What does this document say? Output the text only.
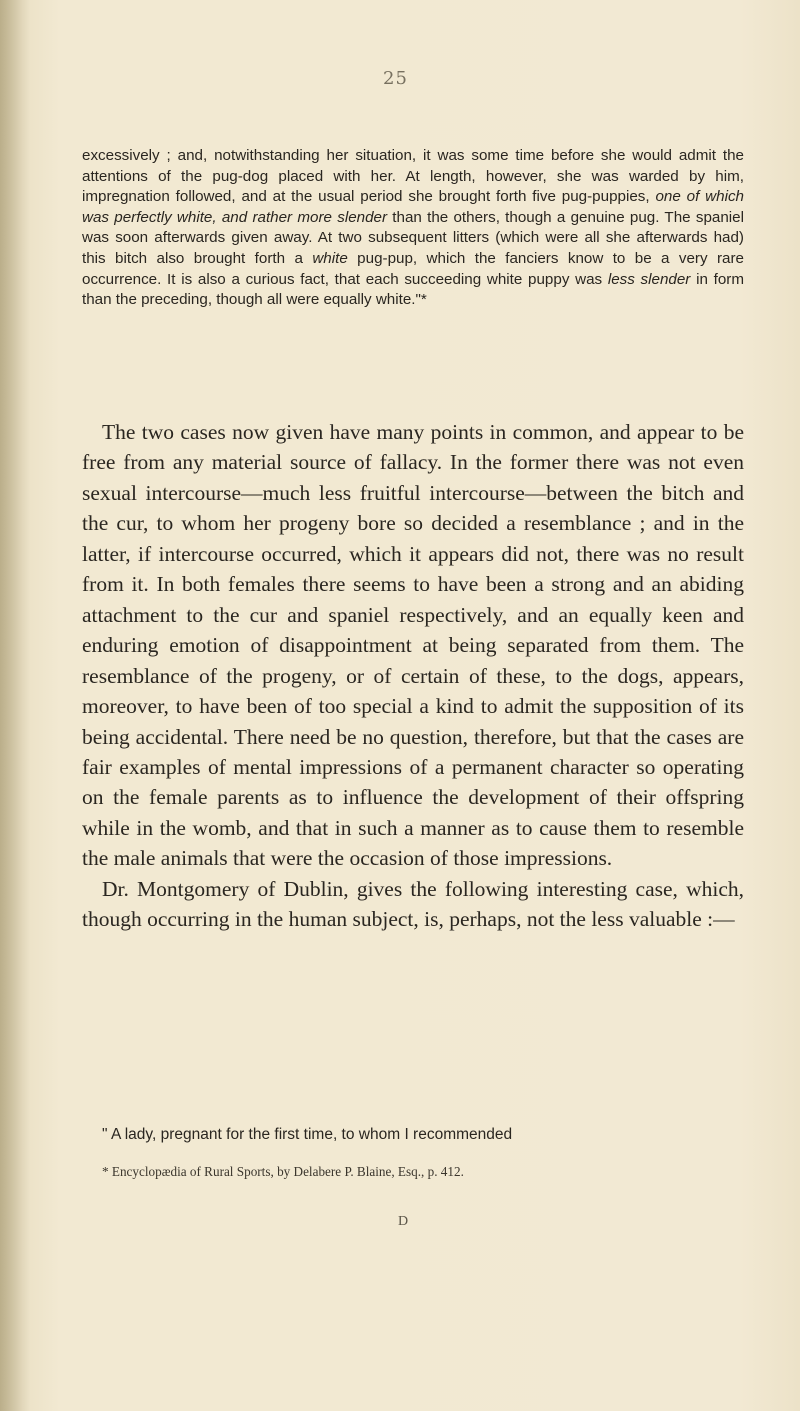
25

excessively ; and, notwithstanding her situation, it was some time before she would admit the attentions of the pug-dog placed with her. At length, however, she was warded by him, impregnation followed, and at the usual period she brought forth five pug-puppies, one of which was perfectly white, and rather more slender than the others, though a genuine pug. The spaniel was soon afterwards given away. At two subsequent litters (which were all she afterwards had) this bitch also brought forth a white pug-pup, which the fanciers know to be a very rare occurrence. It is also a curious fact, that each succeeding white puppy was less slender in form than the preceding, though all were equally white."*

The two cases now given have many points in common, and appear to be free from any material source of fallacy. In the former there was not even sexual intercourse—much less fruitful intercourse—between the bitch and the cur, to whom her progeny bore so decided a resemblance ; and in the latter, if intercourse occurred, which it appears did not, there was no result from it. In both females there seems to have been a strong and an abiding attachment to the cur and spaniel respectively, and an equally keen and enduring emotion of disappointment at being separated from them. The resemblance of the progeny, or of certain of these, to the dogs, appears, moreover, to have been of too special a kind to admit the supposition of its being accidental. There need be no question, therefore, but that the cases are fair examples of mental impressions of a permanent character so operating on the female parents as to influence the development of their offspring while in the womb, and that in such a manner as to cause them to resemble the male animals that were the occasion of those impressions.

Dr. Montgomery of Dublin, gives the following interesting case, which, though occurring in the human subject, is, perhaps, not the less valuable :—

" A lady, pregnant for the first time, to whom I recommended

* Encyclopædia of Rural Sports, by Delabere P. Blaine, Esq., p. 412.

D
